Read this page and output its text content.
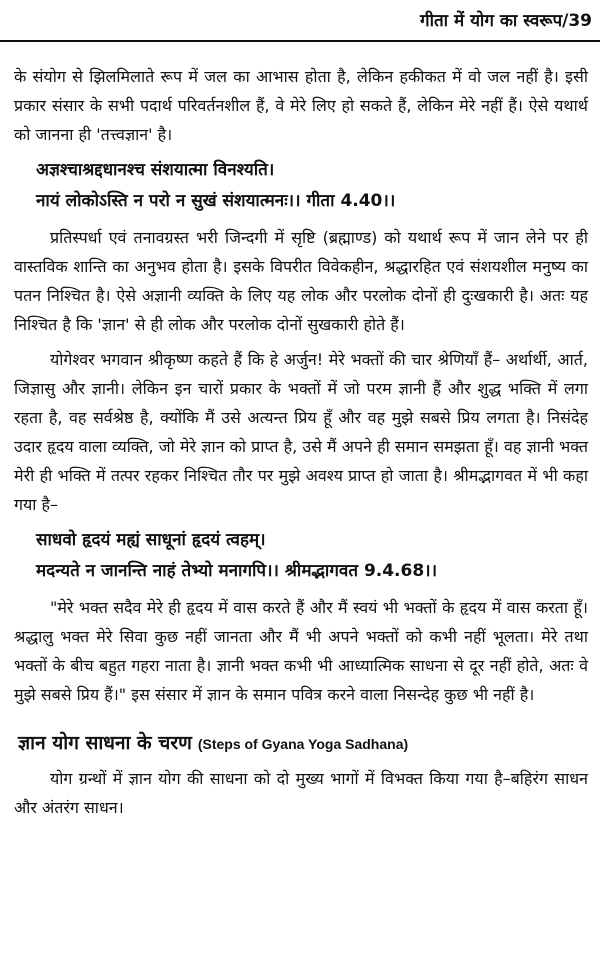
गीता में योग का स्वरूप/39

के संयोग से झिलमिलाते रूप में जल का आभास होता है, लेकिन हकीकत में वो जल नहीं है। इसी प्रकार संसार के सभी पदार्थ परिवर्तनशील हैं, वे मेरे लिए हो सकते हैं, लेकिन मेरे नहीं हैं। ऐसे यथार्थ को जानना ही 'तत्त्वज्ञान' है।

अज्ञश्चाश्रद्दधानश्च संशयात्मा विनश्यति।
नायं लोकोऽस्ति न परो न सुखं संशयात्मनः।। गीता 4.40।।

प्रतिस्पर्धा एवं तनावग्रस्त भरी जिन्दगी में सृष्टि (ब्रह्माण्ड) को यथार्थ रूप में जान लेने पर ही वास्तविक शान्ति का अनुभव होता है। इसके विपरीत विवेकहीन, श्रद्धारहित एवं संशयशील मनुष्य का पतन निश्चित है। ऐसे अज्ञानी व्यक्ति के लिए यह लोक और परलोक दोनों ही दुःखकारी है। अतः यह निश्चित है कि 'ज्ञान' से ही लोक और परलोक दोनों सुखकारी होते हैं।

योगेश्वर भगवान श्रीकृष्ण कहते हैं कि हे अर्जुन! मेरे भक्तों की चार श्रेणियाँ हैं– अर्थार्थी, आर्त, जिज्ञासु और ज्ञानी। लेकिन इन चारों प्रकार के भक्तों में जो परम ज्ञानी हैं और शुद्ध भक्ति में लगा रहता है, वह सर्वश्रेष्ठ है, क्योंकि मैं उसे अत्यन्त प्रिय हूँ और वह मुझे सबसे प्रिय लगता है। निसंदेह उदार हृदय वाला व्यक्ति, जो मेरे ज्ञान को प्राप्त है, उसे मैं अपने ही समान समझता हूँ। वह ज्ञानी भक्त मेरी ही भक्ति में तत्पर रहकर निश्चित तौर पर मुझे अवश्य प्राप्त हो जाता है। श्रीमद्भागवत में भी कहा गया है–

साधवो हृदयं मह्यं साधूनां हृदयं त्वहम्।
मदन्यते न जानन्ति नाहं तेभ्यो मनागपि।। श्रीमद्भागवत 9.4.68।।

"मेरे भक्त सदैव मेरे ही हृदय में वास करते हैं और मैं स्वयं भी भक्तों के हृदय में वास करता हूँ। श्रद्धालु भक्त मेरे सिवा कुछ नहीं जानता और मैं भी अपने भक्तों को कभी नहीं भूलता। मेरे तथा भक्तों के बीच बहुत गहरा नाता है। ज्ञानी भक्त कभी भी आध्यात्मिक साधना से दूर नहीं होते, अतः वे मुझे सबसे प्रिय हैं।" इस संसार में ज्ञान के समान पवित्र करने वाला निसन्देह कुछ भी नहीं है।

ज्ञान योग साधना के चरण (Steps of Gyana Yoga Sadhana)

योग ग्रन्थों में ज्ञान योग की साधना को दो मुख्य भागों में विभक्त किया गया है–बहिरंग साधन और अंतरंग साधन।
